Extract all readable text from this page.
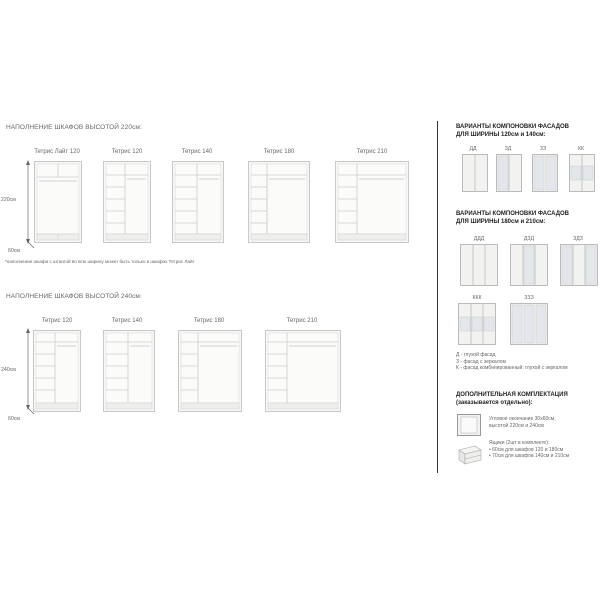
НАПОЛНЕНИЕ ШКАФОВ ВЫСОТОЙ 220см:
220см
60см
Тетрис Лайт 120	Тетрис 120	Тетрис 140	Тетрис 180	Тетрис 210
*наполнение шкафа с штангой во всю ширину может быть только в шкафах Тетрис Лайт
НАПОЛНЕНИЕ ШКАФОВ ВЫСОТОЙ 240см:
240см
60см
Тетрис 120	Тетрис 140	Тетрис 180	Тетрис 210
ВАРИАНТЫ КОМПОНОВКИ ФАСАДОВ
ДЛЯ ШИРИНЫ 120см и 140см:
ДД	ЗД	ЗЗ	КК
ВАРИАНТЫ КОМПОНОВКИ ФАСАДОВ
ДЛЯ ШИРИНЫ 180см и 210см:
ДДД	ДЗД	ЗДЗ
ККК	ЗЗЗ
Д - глухой фасад
З - фасад с зеркалом
К - фасад комбинированный: глухой с зеркалом
ДОПОЛНИТЕЛЬНАЯ КОМПЛЕКТАЦИЯ
(заказывается отдельно):
Угловое окончание 30х60см,
высотой 220см и 240см
Ящики (2шт в комплекте):
• 60см для шкафов 120 и 180см
• 70см для шкафов 140см и 210см
